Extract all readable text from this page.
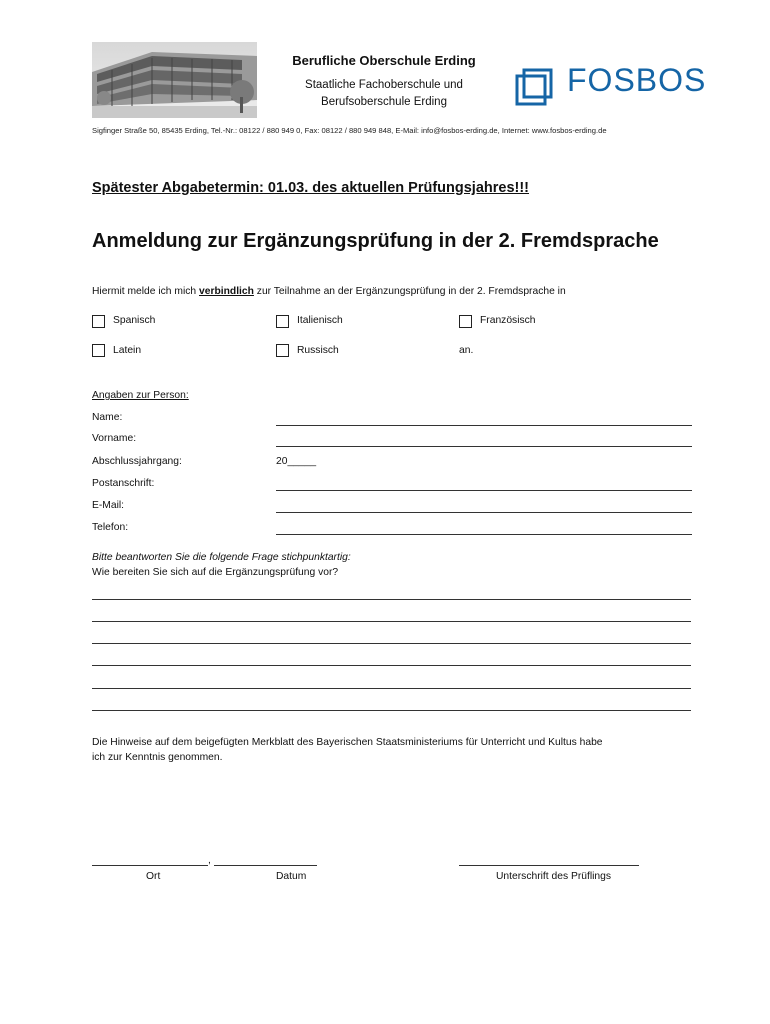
Berufliche Oberschule Erding
Staatliche Fachoberschule und
Berufsoberschule Erding
FOSBOS
Sigfinger Straße 50, 85435 Erding, Tel.-Nr.: 08122 / 880 949 0, Fax: 08122 / 880 949 848, E-Mail: info@fosbos-erding.de, Internet: www.fosbos-erding.de
Spätester Abgabetermin: 01.03. des aktuellen Prüfungsjahres!!!
Anmeldung zur Ergänzungsprüfung in der 2. Fremdsprache
Hiermit melde ich mich verbindlich zur Teilnahme an der Ergänzungsprüfung in der 2. Fremdsprache in
Spanisch	Italienisch	Französisch
Latein	Russisch	an.
Angaben zur Person:
Name:
Vorname:
Abschlussjahrgang:	20_____
Postanschrift:
E-Mail:
Telefon:
Bitte beantworten Sie die folgende Frage stichpunktartig:
Wie bereiten Sie sich auf die Ergänzungsprüfung vor?
Die Hinweise auf dem beigefügten Merkblatt des Bayerischen Staatsministeriums für Unterricht und Kultus habe
ich zur Kenntnis genommen.
,
Ort	Datum	Unterschrift des Prüflings
